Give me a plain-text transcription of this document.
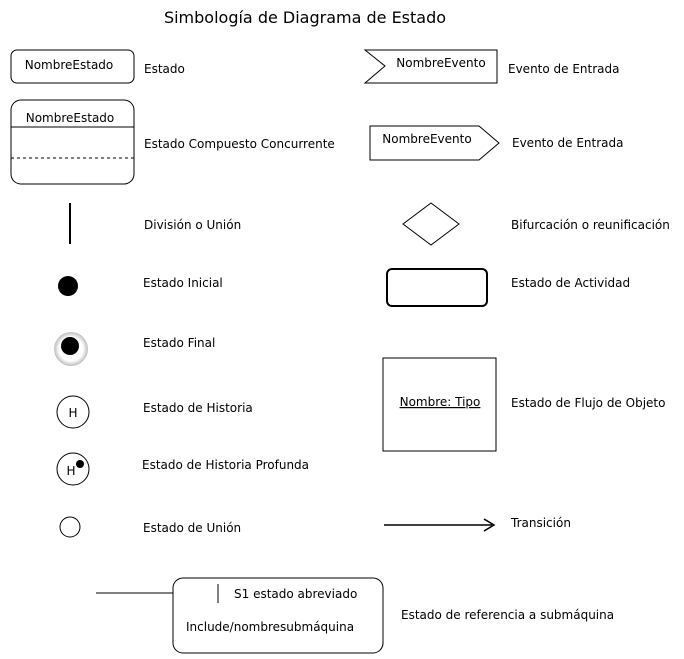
Simbología de Diagrama de Estado
NombreEstado
NombreEstado
H
H
NombreEvento
NombreEvento
Nombre: Tipo
S1 estado abreviado
Include/nombresubmáquina
Estado
Estado Compuesto Concurrente
División o Unión
Estado Inicial
Estado Final
Estado de Historia
Estado de Historia Profunda
Estado de Unión
Evento de Entrada
Evento de Entrada
Bifurcación o reunificación
Estado de Actividad
Estado de Flujo de Objeto
Transición
Estado de referencia a submáquina
